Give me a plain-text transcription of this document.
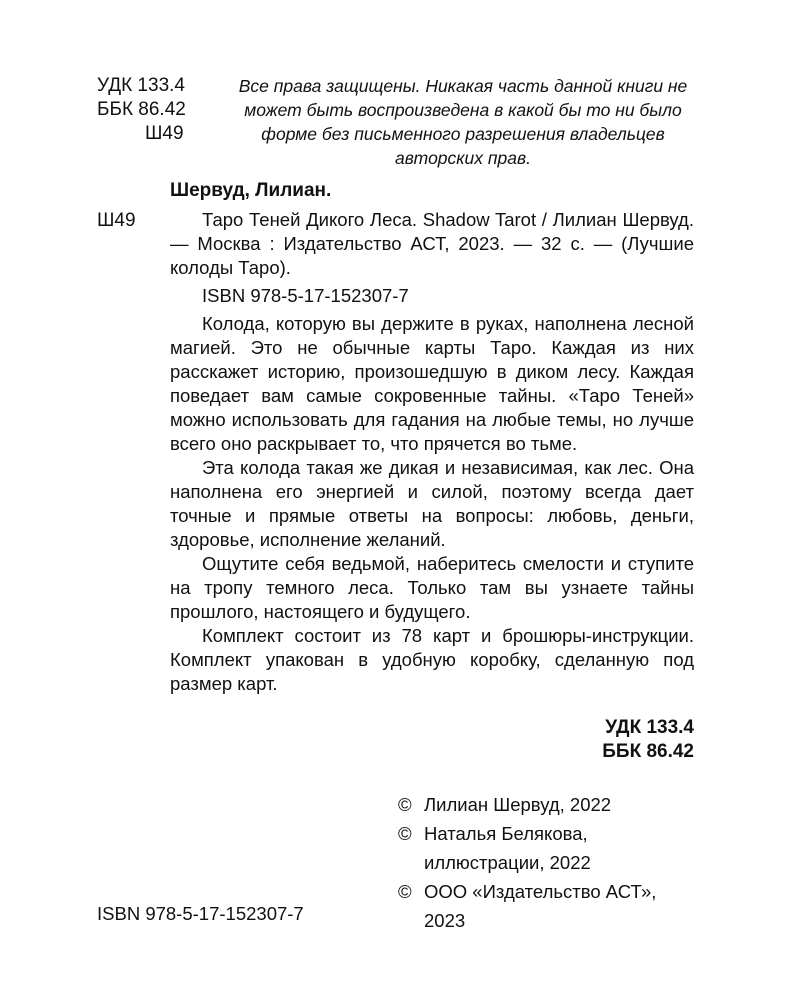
УДК 133.4
ББК 86.42
Ш49
Все права защищены. Никакая часть данной книги не может быть воспроизведена в какой бы то ни было форме без письменного разрешения владельцев авторских прав.
Шервуд, Лилиан.
Ш49	Таро Теней Дикого Леса. Shadow Tarot / Лилиан Шервуд. — Москва : Издательство АСТ, 2023. — 32 с. — (Лучшие колоды Таро).

ISBN 978-5-17-152307-7

Колода, которую вы держите в руках, наполнена лесной магией. Это не обычные карты Таро. Каждая из них расскажет историю, произошедшую в диком лесу. Каждая поведает вам самые сокровенные тайны. «Таро Теней» можно использовать для гадания на любые темы, но лучше всего оно раскрывает то, что прячется во тьме.

Эта колода такая же дикая и независимая, как лес. Она наполнена его энергией и силой, поэтому всегда дает точные и прямые ответы на вопросы: любовь, деньги, здоровье, исполнение желаний.

Ощутите себя ведьмой, наберитесь смелости и ступите на тропу темного леса. Только там вы узнаете тайны прошлого, настоящего и будущего.

Комплект состоит из 78 карт и брошюры-инструкции. Комплект упакован в удобную коробку, сделанную под размер карт.

УДК 133.4
ББК 86.42
© Лилиан Шервуд, 2022
© Наталья Белякова,
иллюстрации, 2022
© ООО «Издательство АСТ»,
2023
ISBN 978-5-17-152307-7
